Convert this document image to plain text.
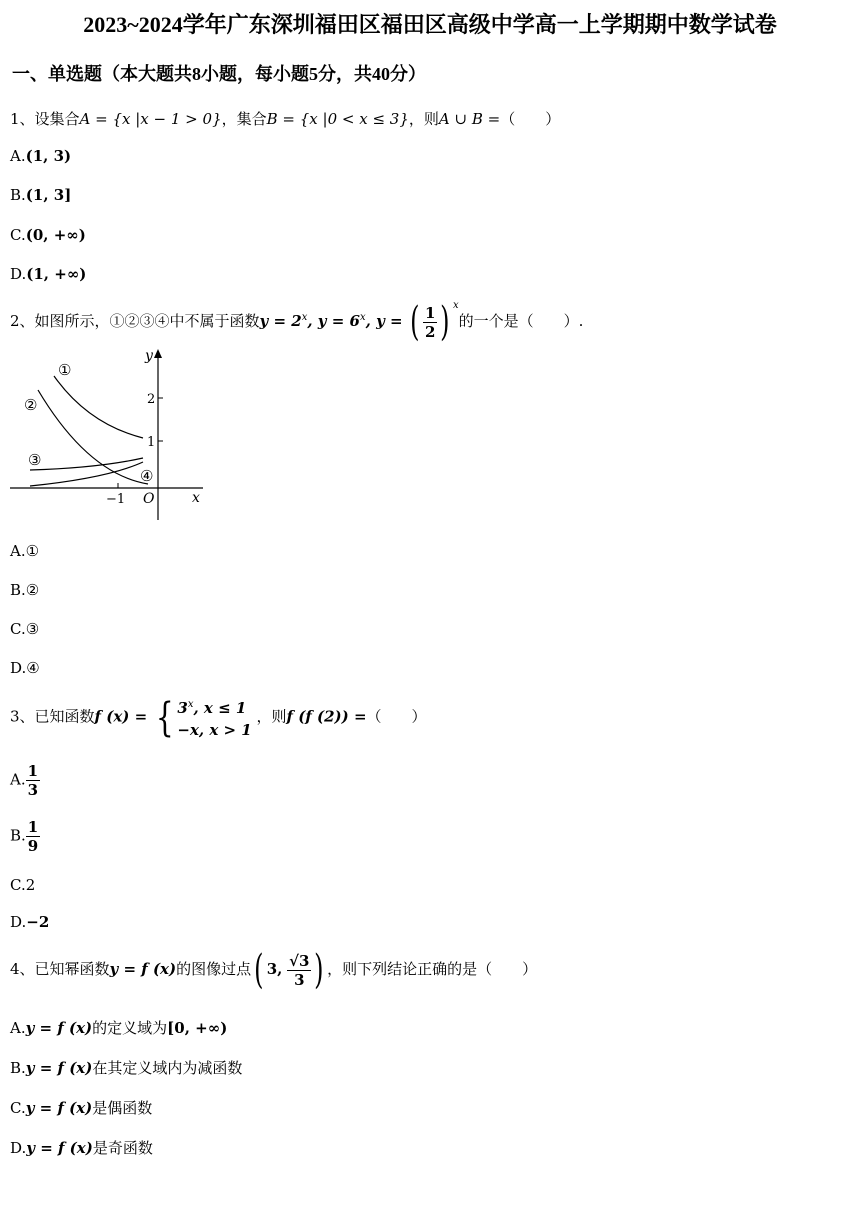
2023~2024学年广东深圳福田区福田区高级中学高一上学期期中数学试卷
一、单选题（本大题共8小题，每小题5分，共40分）
1、设集合A = {x |x − 1 > 0}，集合B = {x |0 < x ≤ 3}，则A ∪ B =（　　）
A.(1, 3)
B.(1, 3]
C.(0, +∞)
D.(1, +∞)
2、如图所示，①②③④中不属于函数$y = 2^x$, $y = 6^x$, y = ( $\frac{1}{2}$ ) $^x$的一个是（　　）.
①
②
③
④
y
x
2
1
−1 O
A.①
B.②
C.③
D.④
3、已知函数f (x) = { 3$^x$, x ≤ 1
−x, x > 1
，则f (f (2)) =（　　）
A. $\frac{1}{3}$
B. $\frac{1}{9}$
C.2
D.−2
4、已知幂函数y = f (x)的图像过点( 3, $\frac{√3}{3}$ ) ，则下列结论正确的是（　　）
A.y = f (x)的定义域为[0, +∞)
B.y = f (x)在其定义域内为减函数
C.y = f (x)是偶函数
D.y = f (x)是奇函数
